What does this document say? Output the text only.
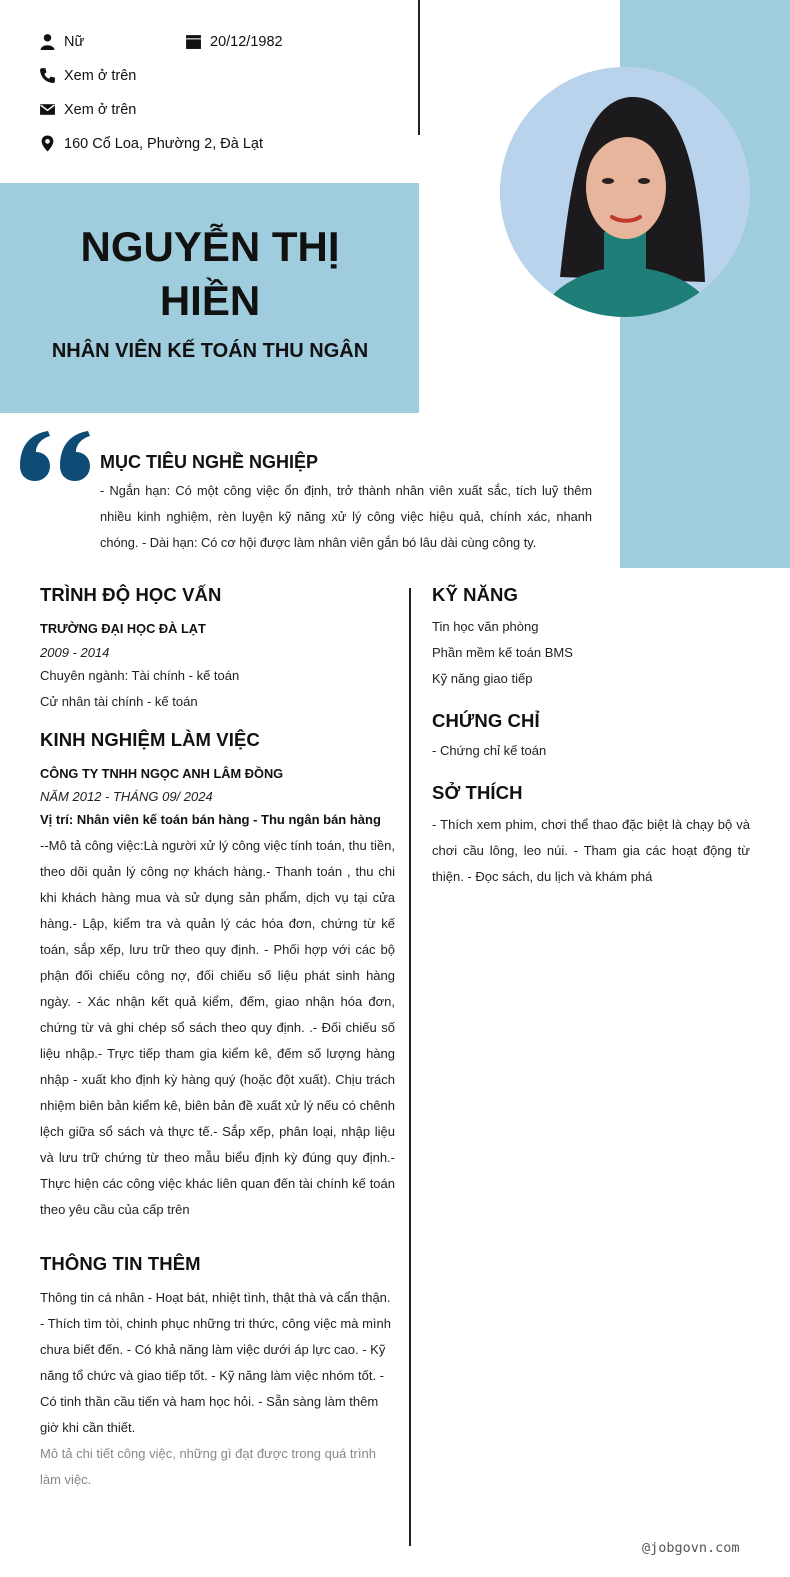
Nữ	20/12/1982
Xem ở trên
Xem ở trên
160 Cổ Loa, Phường 2, Đà Lạt
NGUYỄN THỊ
HIỀN
NHÂN VIÊN KẾ TOÁN THU NGÂN
MỤC TIÊU NGHỀ NGHIỆP
- Ngắn hạn: Có một công việc ổn định, trở thành nhân viên xuất sắc, tích luỹ thêm nhiều kinh nghiệm, rèn luyện kỹ năng xử lý công việc hiệu quả, chính xác, nhanh chóng. - Dài hạn: Có cơ hội được làm nhân viên gắn bó lâu dài cùng công ty.
TRÌNH ĐỘ HỌC VẤN
TRƯỜNG ĐẠI HỌC ĐÀ LẠT
2009 - 2014
Chuyên ngành: Tài chính - kế toán
Cử nhân tài chính - kế toán
KINH NGHIỆM LÀM VIỆC
CÔNG TY TNHH NGỌC ANH LÂM ĐỒNG
NĂM 2012 - THÁNG 09/ 2024
Vị trí: Nhân viên kế toán bán hàng - Thu ngân bán hàng
--Mô tả công việc:Là người xử lý công việc tính toán, thu tiền, theo dõi quản lý công nợ khách hàng.- Thanh toán , thu chi khi khách hàng mua và sử dụng sản phẩm, dịch vụ tại cửa hàng.- Lập, kiểm tra và quản lý các hóa đơn, chứng từ kế toán, sắp xếp, lưu trữ theo quy định. - Phối hợp với các bộ phận đối chiếu công nợ, đối chiếu số liệu phát sinh hàng ngày. - Xác nhận kết quả kiểm, đếm, giao nhận hóa đơn, chứng từ và ghi chép sổ sách theo quy định. .- Đối chiếu số liệu nhập.- Trực tiếp tham gia kiểm kê, đếm số lượng hàng nhập - xuất kho định kỳ hàng quý (hoặc đột xuất). Chịu trách nhiệm biên bản kiểm kê, biên bản đề xuất xử lý nếu có chênh lệch giữa sổ sách và thực tế.- Sắp xếp, phân loại, nhập liệu và lưu trữ chứng từ theo mẫu biểu định kỳ đúng quy định.- Thực hiện các công việc khác liên quan đến tài chính kế toán theo yêu cầu của cấp trên
THÔNG TIN THÊM
Thông tin cá nhân - Hoạt bát, nhiệt tình, thật thà và cẩn thận. - Thích tìm tòi, chinh phục những tri thức, công việc mà mình chưa biết đến. - Có khả năng làm việc dưới áp lực cao. - Kỹ năng tổ chức và giao tiếp tốt. - Kỹ năng làm việc nhóm tốt. - Có tinh thần cầu tiến và ham học hỏi. - Sẵn sàng làm thêm giờ khi cần thiết.
Mô tả chi tiết công việc, những gì đạt được trong quá trình làm việc.
KỸ NĂNG
Tin học văn phòng
Phần mềm kế toán BMS
Kỹ năng giao tiếp
CHỨNG CHỈ
- Chứng chỉ kế toán
SỞ THÍCH
- Thích xem phim, chơi thể thao đặc biệt là chạy bộ và chơi cầu lông, leo núi. - Tham gia các hoạt động từ thiện. - Đọc sách, du lịch và khám phá
@jobgovn.com
